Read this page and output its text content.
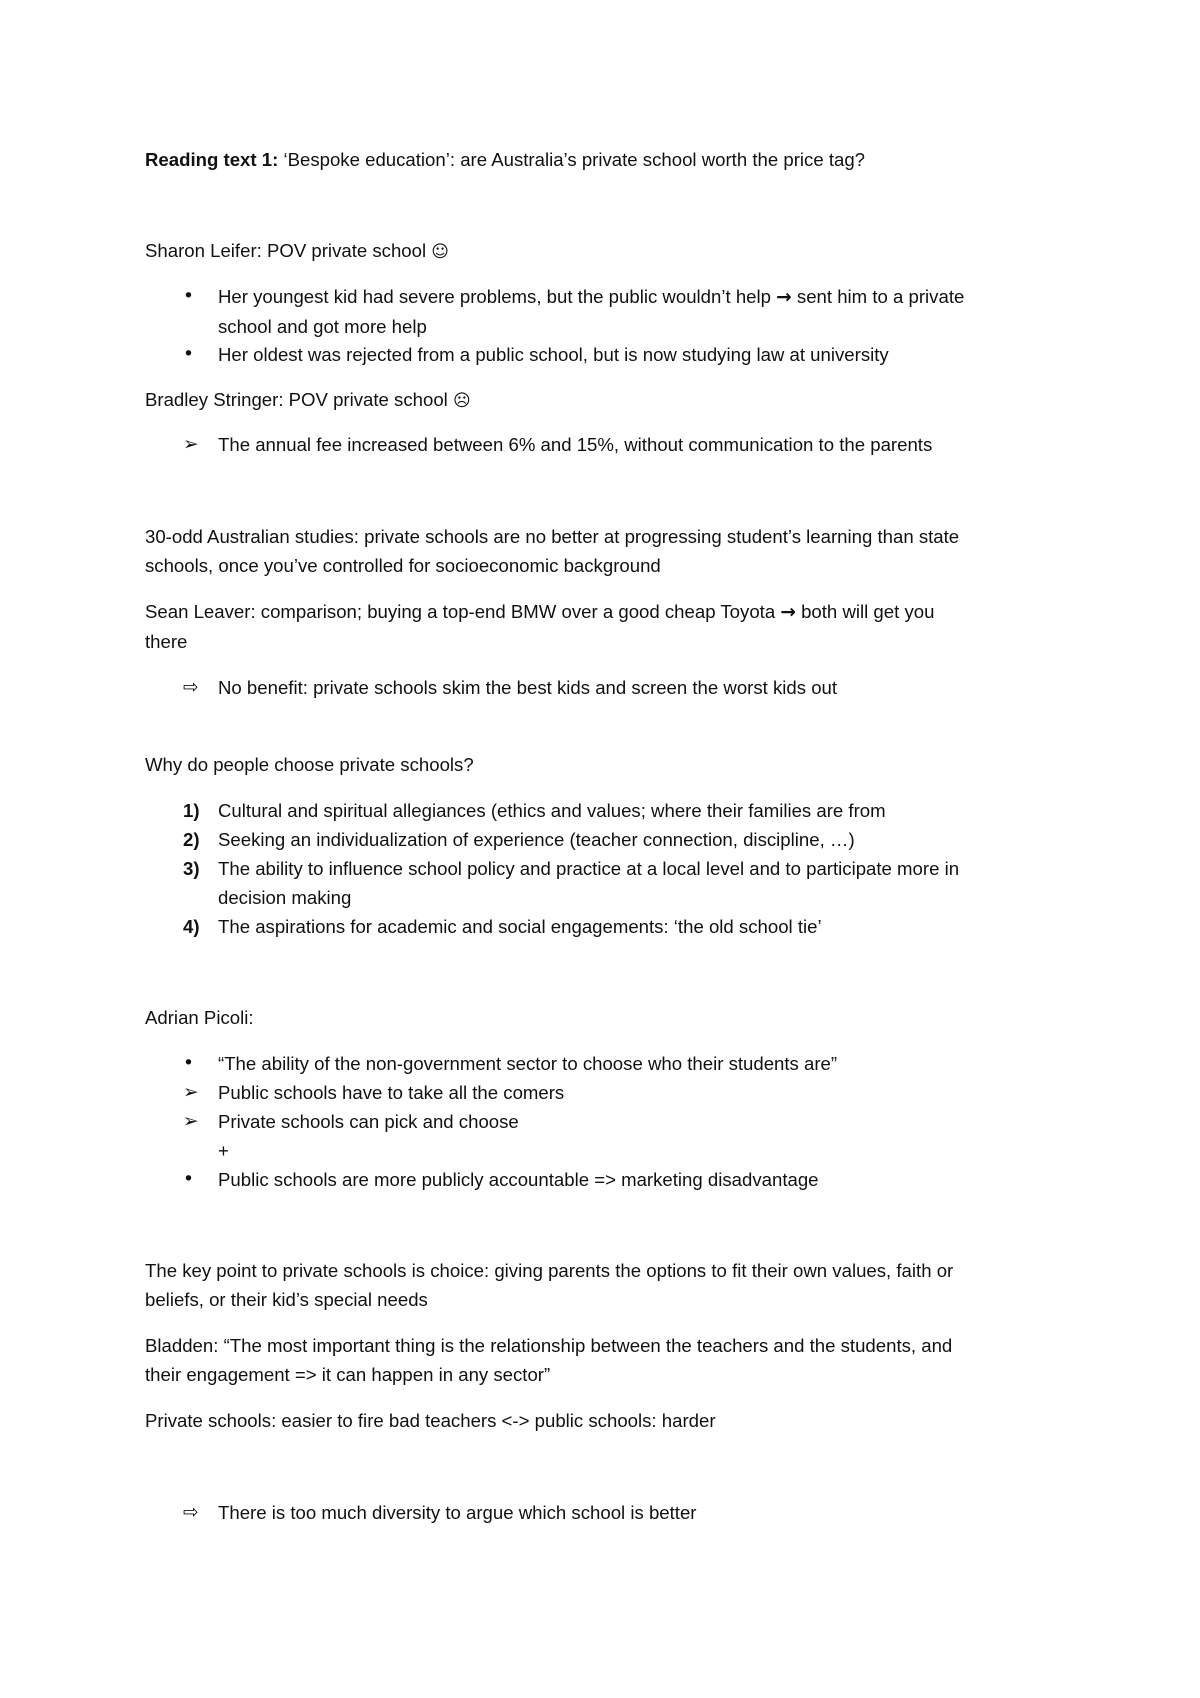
Reading text 1: ‘Bespoke education’: are Australia’s private school worth the price tag?

Sharon Leifer: POV private school ☺

•	Her youngest kid had severe problems, but the public wouldn’t help → sent him to a private
school and got more help
•	Her oldest was rejected from a public school, but is now studying law at university

Bradley Stringer: POV private school ☹

➢	The annual fee increased between 6% and 15%, without communication to the parents

30-odd Australian studies: private schools are no better at progressing student’s learning than state
schools, once you’ve controlled for socioeconomic background

Sean Leaver: comparison; buying a top-end BMW over a good cheap Toyota → both will get you
there

⇨	No benefit: private schools skim the best kids and screen the worst kids out

Why do people choose private schools?

1) Cultural and spiritual allegiances (ethics and values; where their families are from
2) Seeking an individualization of experience (teacher connection, discipline, …)
3) The ability to influence school policy and practice at a local level and to participate more in
decision making
4) The aspirations for academic and social engagements: ‘the old school tie’

Adrian Picoli:

•	“The ability of the non-government sector to choose who their students are”
➢	Public schools have to take all the comers
➢	Private schools can pick and choose
+
•	Public schools are more publicly accountable => marketing disadvantage

The key point to private schools is choice: giving parents the options to fit their own values, faith or
beliefs, or their kid’s special needs

Bladden: “The most important thing is the relationship between the teachers and the students, and
their engagement => it can happen in any sector”

Private schools: easier to fire bad teachers <-> public schools: harder

⇨	There is too much diversity to argue which school is better
